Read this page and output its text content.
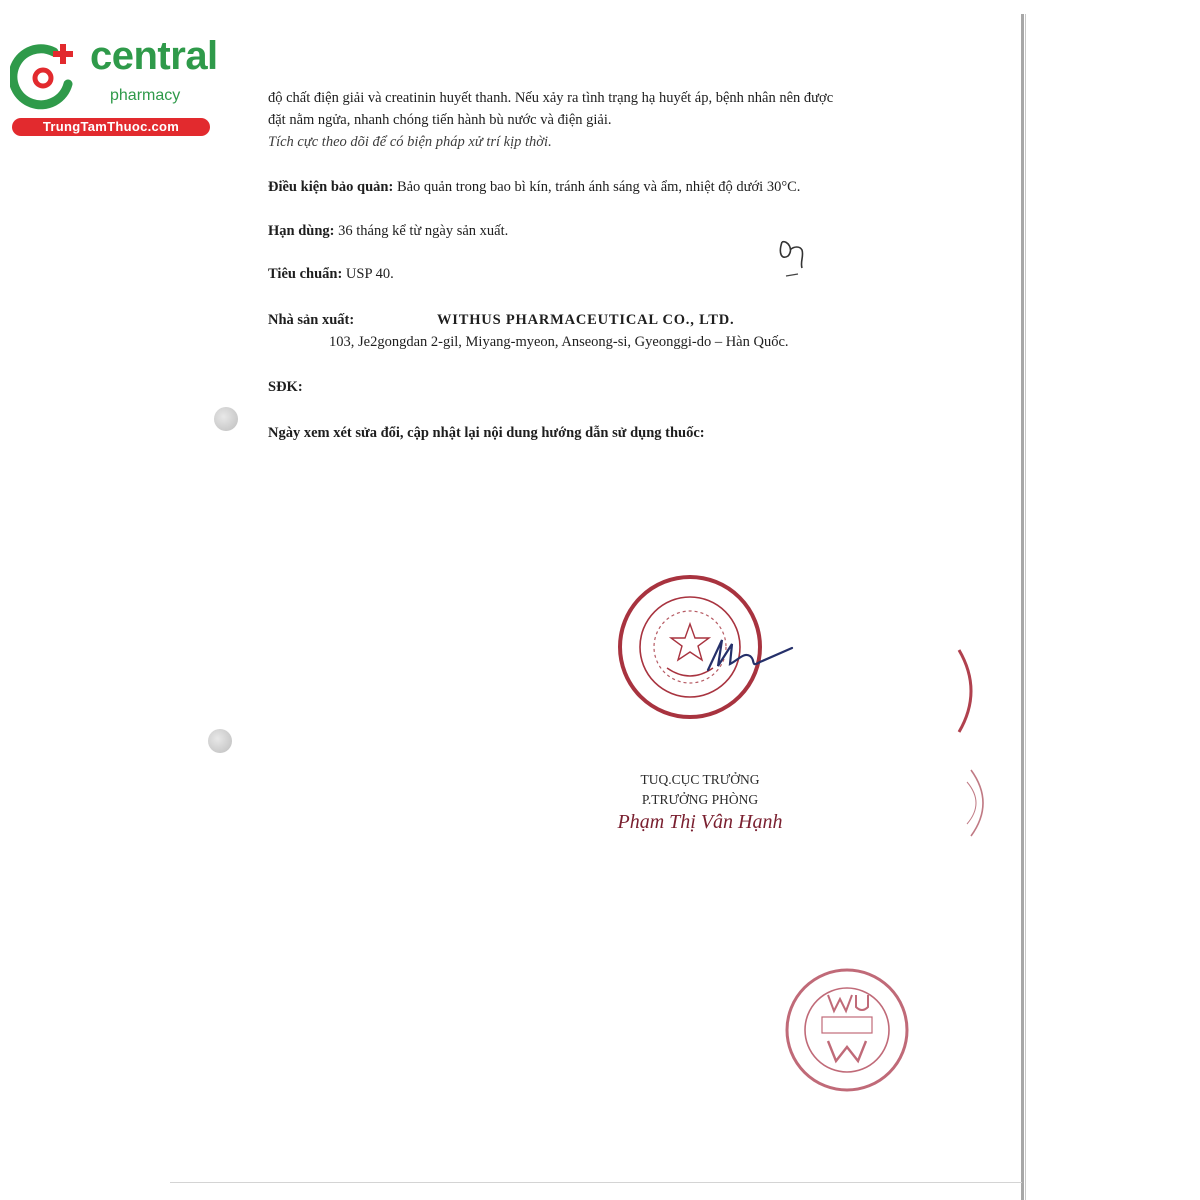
central
pharmacy
TrungTamThuoc.com
độ chất điện giải và creatinin huyết thanh. Nếu xảy ra tình trạng hạ huyết áp, bệnh nhân nên được
đặt nằm ngửa, nhanh chóng tiến hành bù nước và điện giải.
Tích cực theo dõi để có biện pháp xử trí kịp thời.
Điều kiện bảo quản: Bảo quản trong bao bì kín, tránh ánh sáng và ẩm, nhiệt độ dưới 30°C.
Hạn dùng: 36 tháng kể từ ngày sản xuất.
Tiêu chuẩn: USP 40.
Nhà sản xuất:	WITHUS PHARMACEUTICAL CO., LTD.
103, Je2gongdan 2-gil, Miyang-myeon, Anseong-si, Gyeonggi-do – Hàn Quốc.
SĐK:
Ngày xem xét sửa đổi, cập nhật lại nội dung hướng dẫn sử dụng thuốc:
TUQ.CỤC TRƯỞNG
P.TRƯỞNG PHÒNG
Phạm Thị Vân Hạnh
